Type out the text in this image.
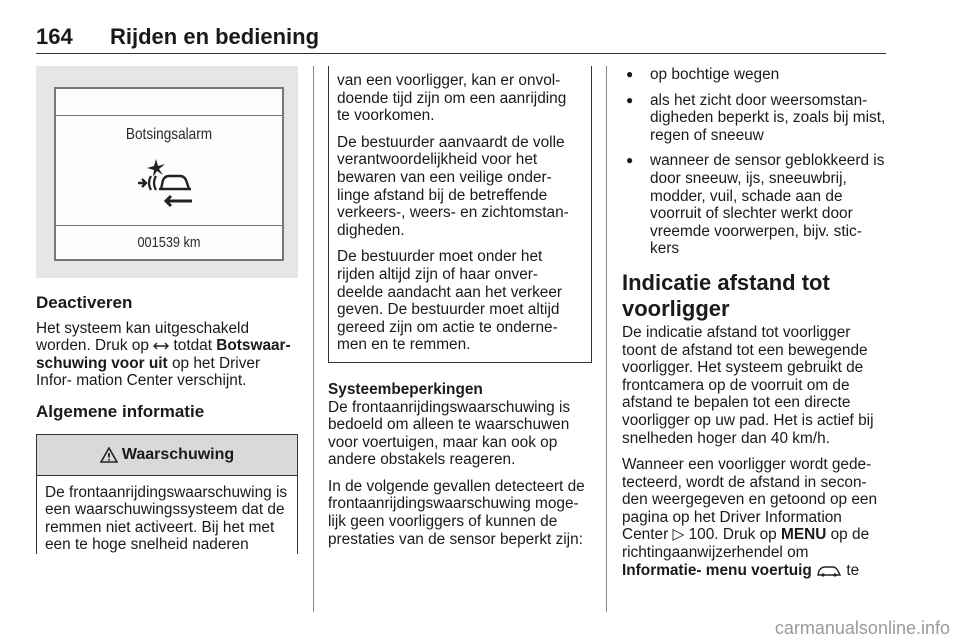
164 Rijden en bediening
Botsingsalarm
001539 km
Deactiveren

Het systeem kan uitgeschakeld worden. Druk op  totdat Botswaar- schuwing voor uit op het Driver Infor- mation Center verschijnt.

Algemene informatie
Waarschuwing
De frontaanrijdingswaarschuwing is een waarschuwingssysteem dat de remmen niet activeert. Bij het met een te hoge snelheid naderen

van een voorligger, kan er onvol- doende tijd zijn om een aanrijding te voorkomen.

De bestuurder aanvaardt de volle verantwoordelijkheid voor het bewaren van een veilige onder- linge afstand bij de betreffende verkeers-, weers- en zichtomstan- digheden.

De bestuurder moet onder het rijden altijd zijn of haar onver- deelde aandacht aan het verkeer geven. De bestuurder moet altijd gereed zijn om actie te onderne- men en te remmen.

Systeembeperkingen

De frontaanrijdingswaarschuwing is bedoeld om alleen te waarschuwen voor voertuigen, maar kan ook op andere obstakels reageren.

In de volgende gevallen detecteert de frontaanrijdingswaarschuwing moge- lijk geen voorliggers of kunnen de prestaties van de sensor beperkt zijn:

● op bochtige wegen
● als het zicht door weersomstan- digheden beperkt is, zoals bij mist, regen of sneeuw
● wanneer de sensor geblokkeerd is door sneeuw, ijs, sneeuwbrij, modder, vuil, schade aan de voorruit of slechter werkt door vreemde voorwerpen, bijv. stic- kers
Indicatie afstand tot voorligger

De indicatie afstand tot voorligger toont de afstand tot een bewegende voorligger. Het systeem gebruikt de frontcamera op de voorruit om de afstand te bepalen tot een directe voorligger op uw pad. Het is actief bij snelheden hoger dan 40 km/h.

Wanneer een voorligger wordt gede- tecteerd, wordt de afstand in secon- den weergegeven en getoond op een pagina op het Driver Information Center ▷ 100. Druk op MENU op de richtingaanwijzerhendel om
Informatie- menu voertuig  te

carmanualsonline.info
